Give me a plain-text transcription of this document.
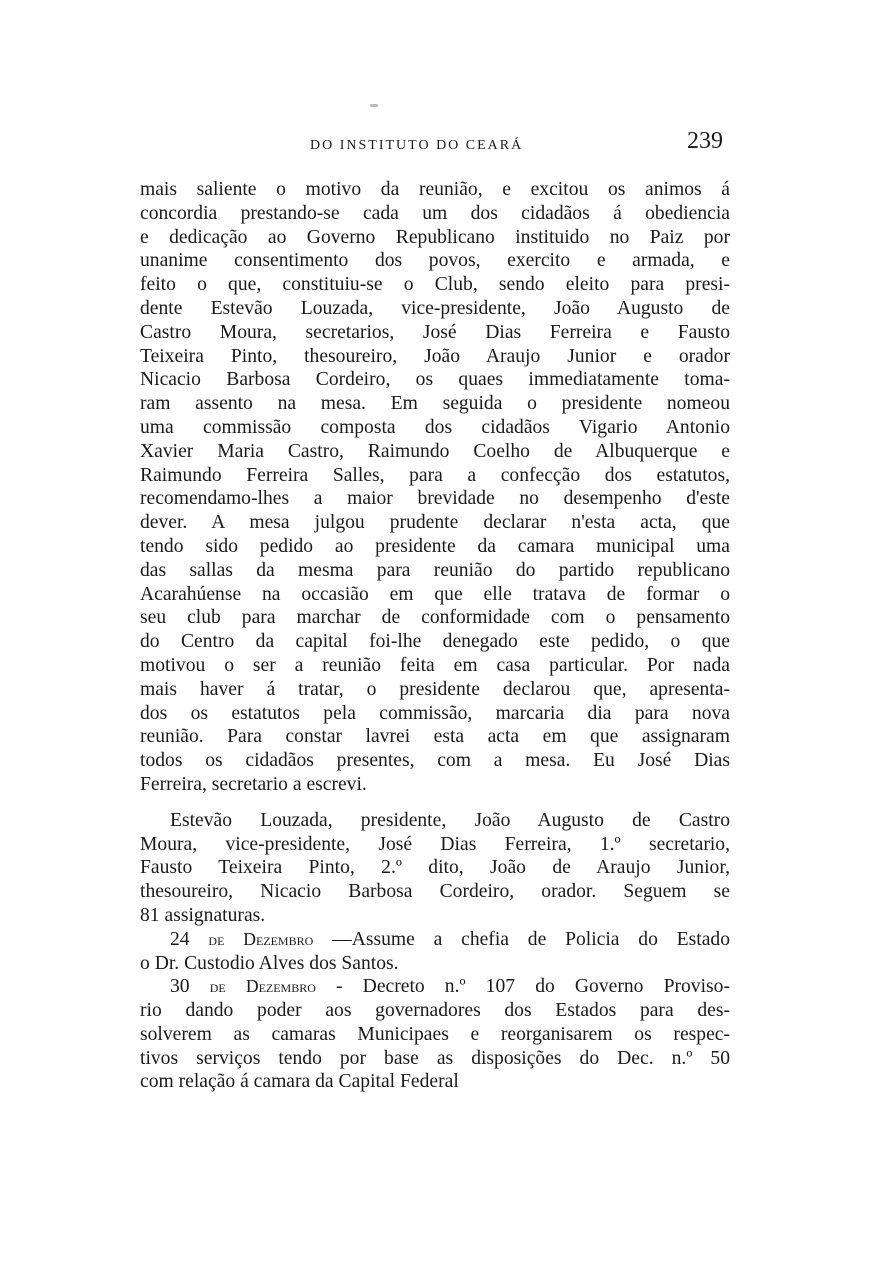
DO INSTITUTO DO CEARÁ	239
mais saliente o motivo da reunião, e excitou os animos á
concordia prestando-se cada um dos cidadãos á obediencia
e dedicação ao Governo Republicano instituido no Paiz por
unanime consentimento dos povos, exercito e armada, e
feito o que, constituiu-se o Club, sendo eleito para presi-
dente Estevão Louzada, vice-presidente, João Augusto de
Castro Moura, secretarios, José Dias Ferreira e Fausto
Teixeira Pinto, thesoureiro, João Araujo Junior e orador
Nicacio Barbosa Cordeiro, os quaes immediatamente toma-
ram assento na mesa. Em seguida o presidente nomeou
uma commissão composta dos cidadãos Vigario Antonio
Xavier Maria Castro, Raimundo Coelho de Albuquerque e
Raimundo Ferreira Salles, para a confecção dos estatutos,
recomendamo-lhes a maior brevidade no desempenho d'este
dever. A mesa julgou prudente declarar n'esta acta, que
tendo sido pedido ao presidente da camara municipal uma
das sallas da mesma para reunião do partido republicano
Acarahúense na occasião em que elle tratava de formar o
seu club para marchar de conformidade com o pensamento
do Centro da capital foi-lhe denegado este pedido, o que
motivou o ser a reunião feita em casa particular. Por nada
mais haver á tratar, o presidente declarou que, apresenta-
dos os estatutos pela commissão, marcaria dia para nova
reunião. Para constar lavrei esta acta em que assignaram
todos os cidadãos presentes, com a mesa. Eu José Dias
Ferreira, secretario a escrevi.
Estevão Louzada, presidente, João Augusto de Castro
Moura, vice-presidente, José Dias Ferreira, 1.º secretario,
Fausto Teixeira Pinto, 2.º dito, João de Araujo Junior,
thesoureiro, Nicacio Barbosa Cordeiro, orador. Seguem se
81 assignaturas.
24 de Dezembro —Assume a chefia de Policia do Estado
o Dr. Custodio Alves dos Santos.
30 de Dezembro - Decreto n.º 107 do Governo Proviso-
rio dando poder aos governadores dos Estados para des-
solverem as camaras Municipaes e reorganisarem os respec-
tivos serviços tendo por base as disposições do Dec. n.º 50
com relação á camara da Capital Federal
